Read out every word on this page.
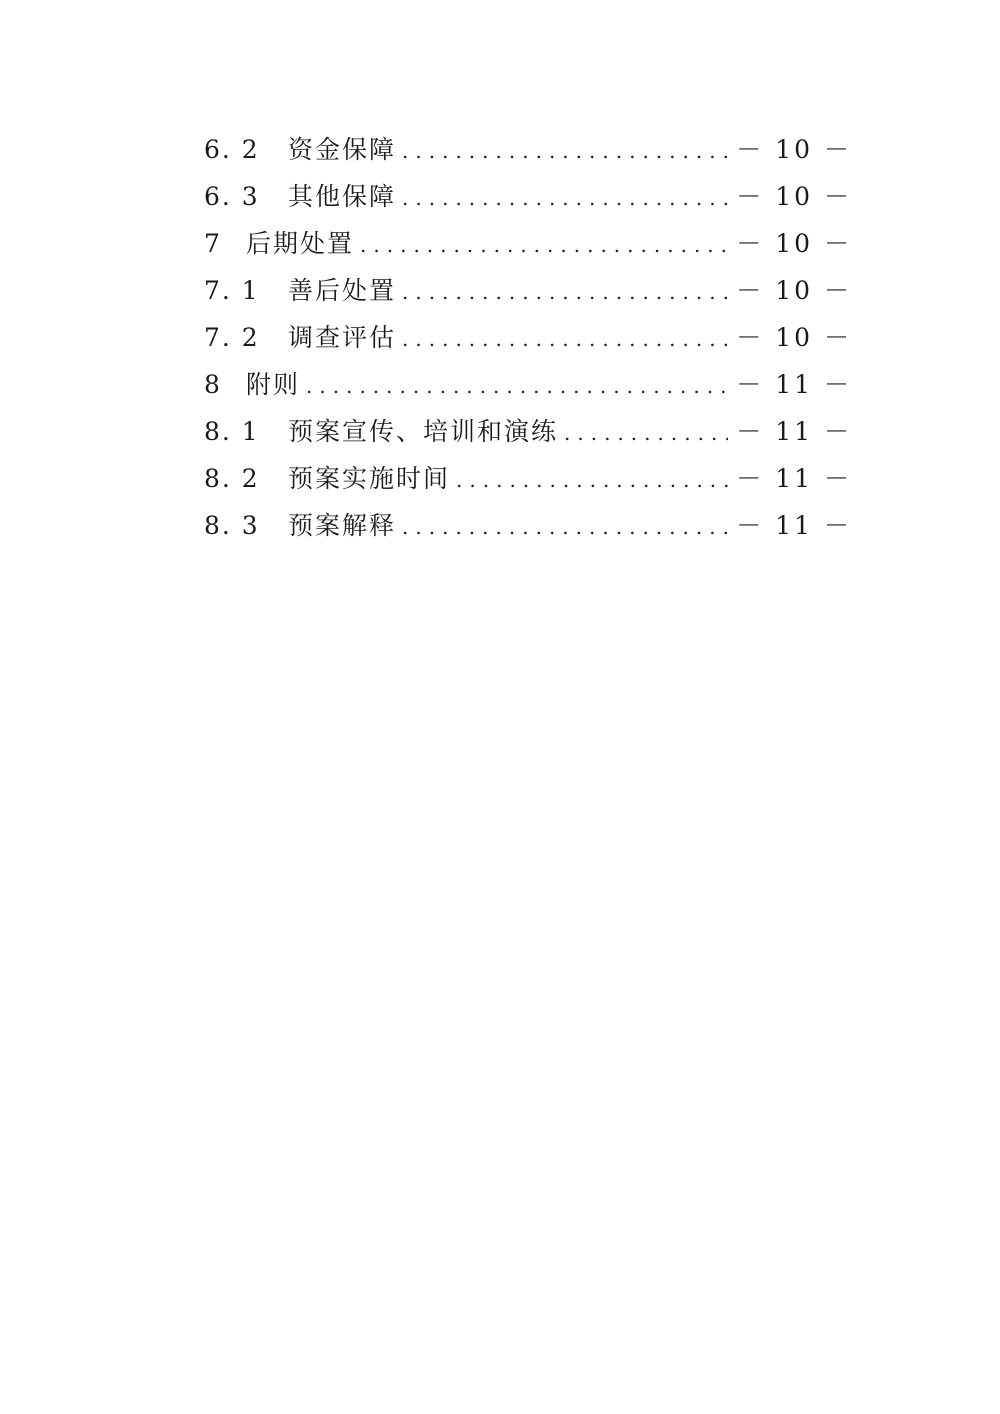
6. 2	资金保障 .....	－ 10 －
6. 3	其他保障 .....	－ 10 －
7 后期处置 .....	－ 10 －
7. 1	善后处置 .....	－ 10 －
7. 2	调查评估 .....	－ 10 －
8 附则 .....	－ 11 －
8. 1	预案宣传、培训和演练 .....	－ 11 －
8. 2	预案实施时间 .....	－ 11 －
8. 3	预案解释 .....	－ 11 －
